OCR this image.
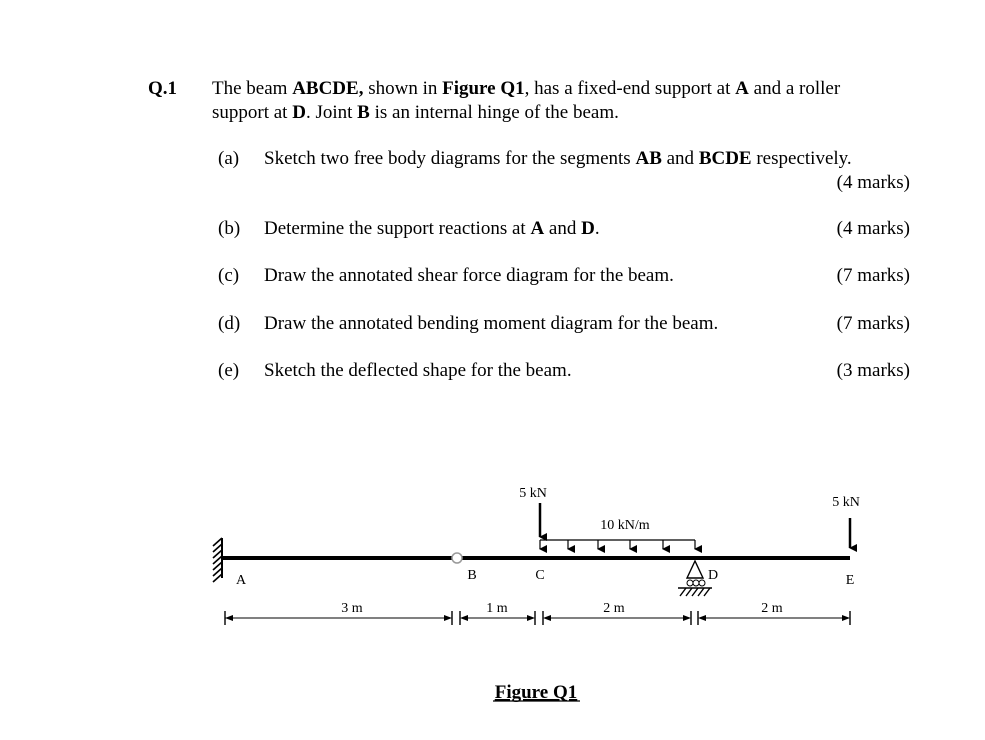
Q.1 The beam ABCDE, shown in Figure Q1, has a fixed-end support at A and a roller
support at D. Joint B is an internal hinge of the beam.
(a) Sketch two free body diagrams for the segments AB and BCDE respectively.
(4 marks)
(b) Determine the support reactions at A and D.	(4 marks)
(c) Draw the annotated shear force diagram for the beam.	(7 marks)
(d) Draw the annotated bending moment diagram for the beam.	(7 marks)
(e) Sketch the deflected shape for the beam.	(3 marks)
5 kN
10 kN/m
5 kN
A	B	C	D	E
3 m	1 m	2 m	2 m
Figure Q1
